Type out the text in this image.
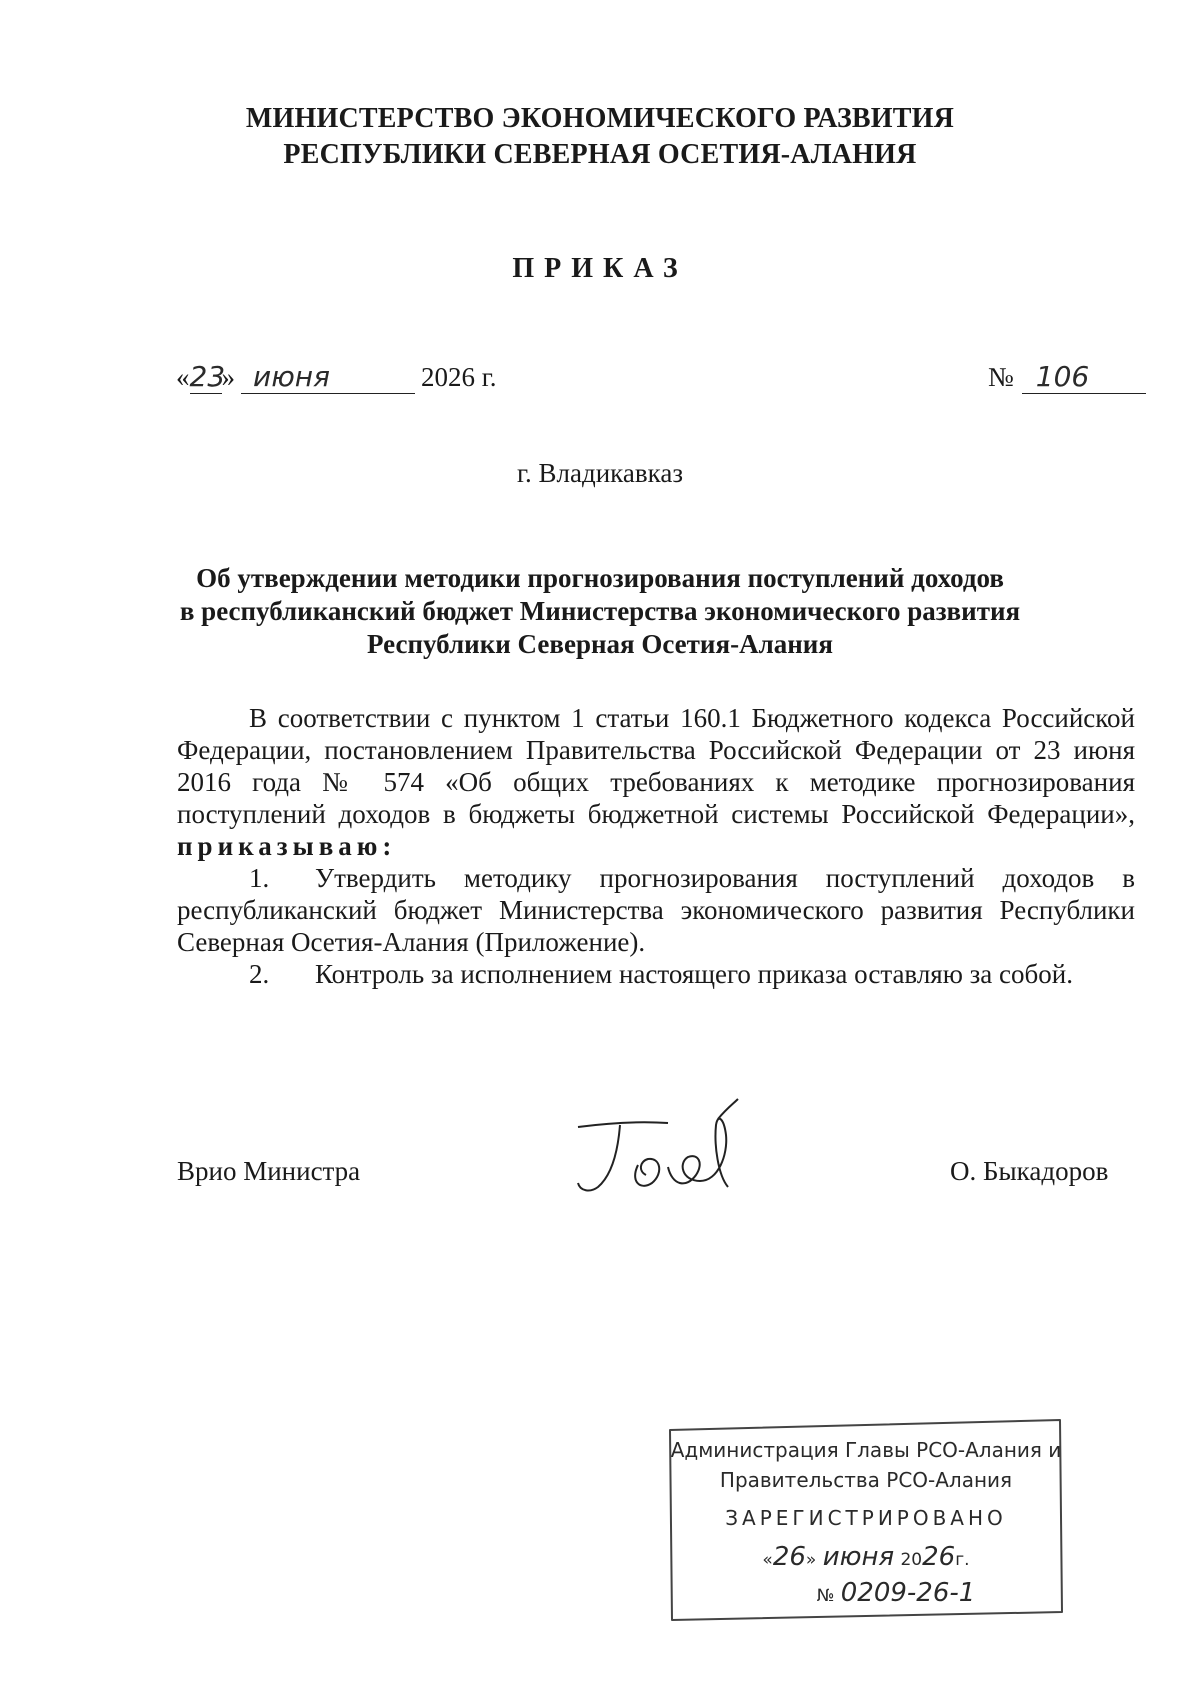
МИНИСТЕРСТВО ЭКОНОМИЧЕСКОГО РАЗВИТИЯ
РЕСПУБЛИКИ СЕВЕРНАЯ ОСЕТИЯ-АЛАНИЯ
ПРИКАЗ
«23» июня	2026 г.	№ 106
г. Владикавказ
Об утверждении методики прогнозирования поступлений доходов
в республиканский бюджет Министерства экономического развития
Республики Северная Осетия-Алания

В соответствии с пунктом 1 статьи 160.1 Бюджетного кодекса Российской Федерации, постановлением Правительства Российской Федерации от 23 июня 2016 года № 574 «Об общих требованиях к методике прогнозирования поступлений доходов в бюджеты бюджетной системы Российской Федерации», приказываю:

1. Утвердить методику прогнозирования поступлений доходов в республиканский бюджет Министерства экономического развития Республики Северная Осетия-Алания (Приложение).

2. Контроль за исполнением настоящего приказа оставляю за собой.

Врио Министра	О. Быкадоров
Администрация Главы РСО-Алания и
Правительства РСО-Алания
ЗАРЕГИСТРИРОВАНО
«26» июня 2026г.
№ 0209-26-1
